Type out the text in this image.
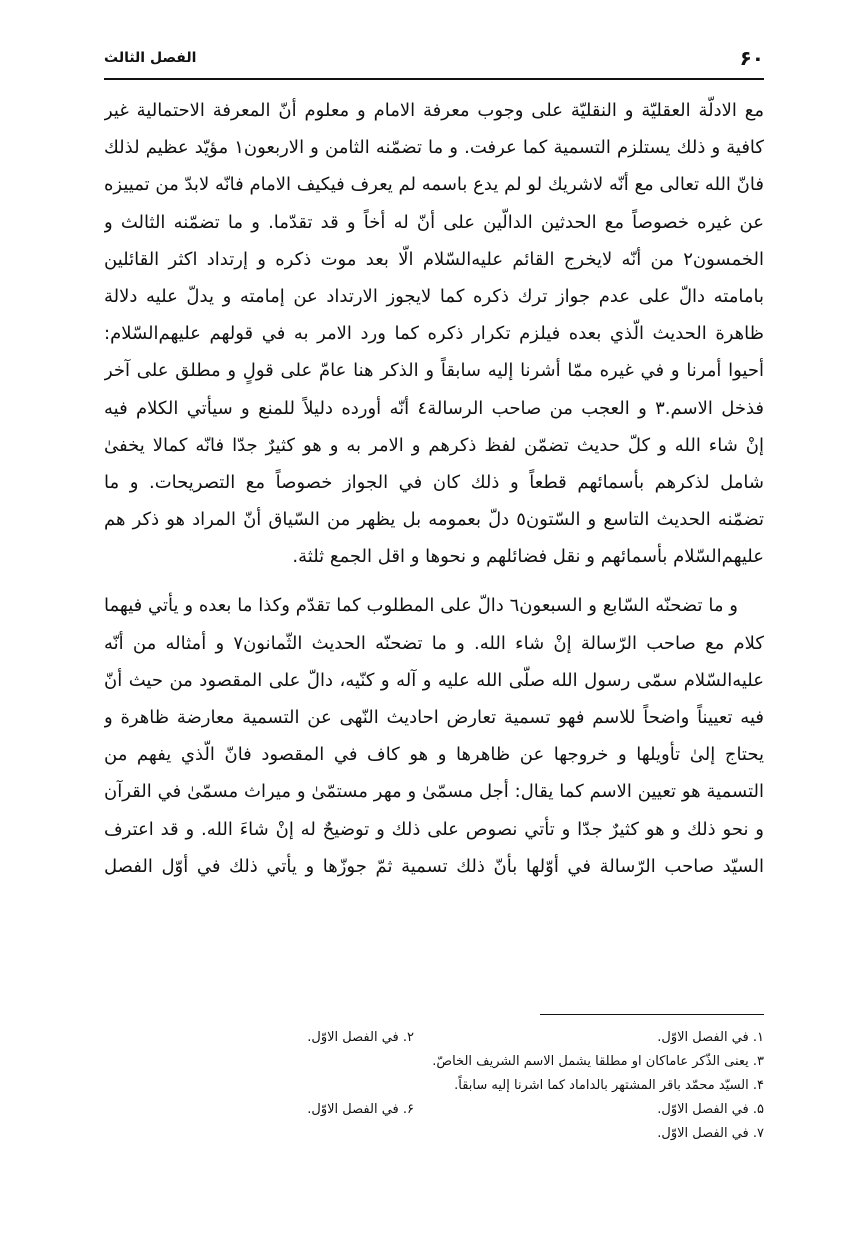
۶۰
الفصل الثالث
مع الادلّة العقليّة و النقليّة على وجوب معرفة الامام و معلوم أنّ المعرفة الاحتمالية غير
كافية و ذلك يستلزم التسمية كما عرفت. و ما تضمّنه الثامن و الاربعون١ مؤيّد عظيم لذلك
فانّ الله تعالى مع أنّه لاشريك لو لم يدع باسمه لم يعرف فيكيف الامام فانّه لابدّ من تمييزه
عن غيره خصوصاً مع الحدثين الدالّين على أنّ له أخاً و قد تقدّما. و ما تضمّنه الثالث و
الخمسون٢ من أنّه لايخرج القائم عليه‌السّلام الّا بعد موت ذكره و إرتداد اكثر القائلين
بامامته دالّ على عدم جواز ترك ذكره كما لايجوز الارتداد عن إمامته و يدلّ عليه دلالة
ظاهرة الحديث الّذي بعده فيلزم تكرار ذكره كما ورد الامر به في قولهم عليهم‌السّلام:
أحيوا أمرنا و في غيره ممّا أشرنا إليه سابقاً و الذكر هنا عامّ على قولٍ و مطلق على آخر
فذخل الاسم.٣ و العجب من صاحب الرسالة٤ أنّه أورده دليلاً للمنع و سيأتي الكلام فيه
إنْ شاء الله و كلّ حديث تضمّن لفظ ذكرهم و الامر به و هو كثيرٌ جدّا فانّه كمالا يخفىٰ
شامل لذكرهم بأسمائهم قطعاً و ذلك كان في الجواز خصوصاً مع التصريحات. و ما
تضمّنه الحديث التاسع و السّتون٥ دلّ بعمومه بل يظهر من السّياق أنّ المراد هو ذكر هم
عليهم‌السّلام بأسمائهم و نقل فضائلهم و نحوها و اقل الجمع ثلثة.
و ما تضحنّه السّابع و السبعون٦ دالّ على المطلوب كما تقدّم وكذا ما بعده و يأتي فيهما
كلام مع صاحب الرّسالة إنْ شاء الله. و ما تضحنّه الحديث الثّمانون٧ و أمثاله من أنّه
عليه‌السّلام سمّى رسول الله صلّى الله عليه و آله و كنّيه، دالّ على المقصود من حيث أنّ
فيه تعييناً واضحاً للاسم فهو تسمية تعارض احاديث النّهى عن التسمية معارضة ظاهرة و
يحتاج إلىٰ تأويلها و خروجها عن ظاهرها و هو كاف في المقصود فانّ الّذي يفهم من
التسمية هو تعيين الاسم كما يقال: أجل مسمّىٰ و مهر مستمّىٰ و ميراث مسمّىٰ في القرآن
و نحو ذلك و هو كثيرٌ جدّا و تأتي نصوص على ذلك و توضيحٌ له إنْ شاءَ الله. و قد اعترف
السيّد صاحب الرّسالة في أوّلها بأنّ ذلك تسمية ثمّ جوزّها و يأتي ذلك في أوّل الفصل
١. في الفصل الاوّل.
٢. في الفصل الاوّل.
٣. يعنى الذّكر عاماكان او مطلقا يشمل الاسم الشريف الخاصّ.
۴. السيّد محمّد باقر المشتهر بالداماد كما اشرنا إليه سابقاً.
۵. في الفصل الاوّل.
۶. في الفصل الاوّل.
۷. في الفصل الاوّل.
